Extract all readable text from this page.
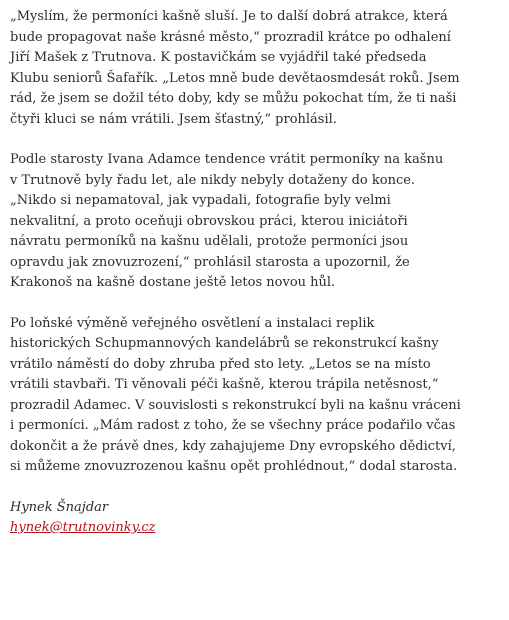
„Myslím, že permoníci kašně sluší. Je to další dobrá atrakce, která
bude propagovat naše krásné město,“ prozradil krátce po odhalení
Jiří Mašek z Trutnova. K postavičkám se vyjádřil také předseda
Klubu seniorů Šafařík. „Letos mně bude devětaosmdesát roků. Jsem
rád, že jsem se dožil této doby, kdy se můžu pokochat tím, že ti naši
čtyři kluci se nám vrátili. Jsem šťastný,“ prohlásil.

Podle starosty Ivana Adamce tendence vrátit permoníky na kašnu
v Trutnově byly řadu let, ale nikdy nebyly dotaženy do konce.
„Nikdo si nepamatoval, jak vypadali, fotografie byly velmi
nekvalitní, a proto oceňuji obrovskou práci, kterou iniciátoři
návratu permoníků na kašnu udělali, protože permoníci jsou
opravdu jak znovuzrození,“ prohlásil starosta a upozornil, že
Krakonoš na kašně dostane ještě letos novou hůl.

Po loňské výměně veřejného osvětlení a instalaci replik
historických Schupmannových kandelábrů se rekonstrukcí kašny
vrátilo náměstí do doby zhruba před sto lety. „Letos se na místo
vrátili stavbaři. Ti věnovali péči kašně, kterou trápila netěsnost,“
prozradil Adamec. V souvislosti s rekonstrukcí byli na kašnu vráceni
i permoníci. „Mám radost z toho, že se všechny práce podařilo včas
dokončit a že právě dnes, kdy zahajujeme Dny evropského dědictví,
si můžeme znovuzrozenou kašnu opět prohlédnout,“ dodal starosta.

Hynek Šnajdar
hynek@trutnovinky.cz
